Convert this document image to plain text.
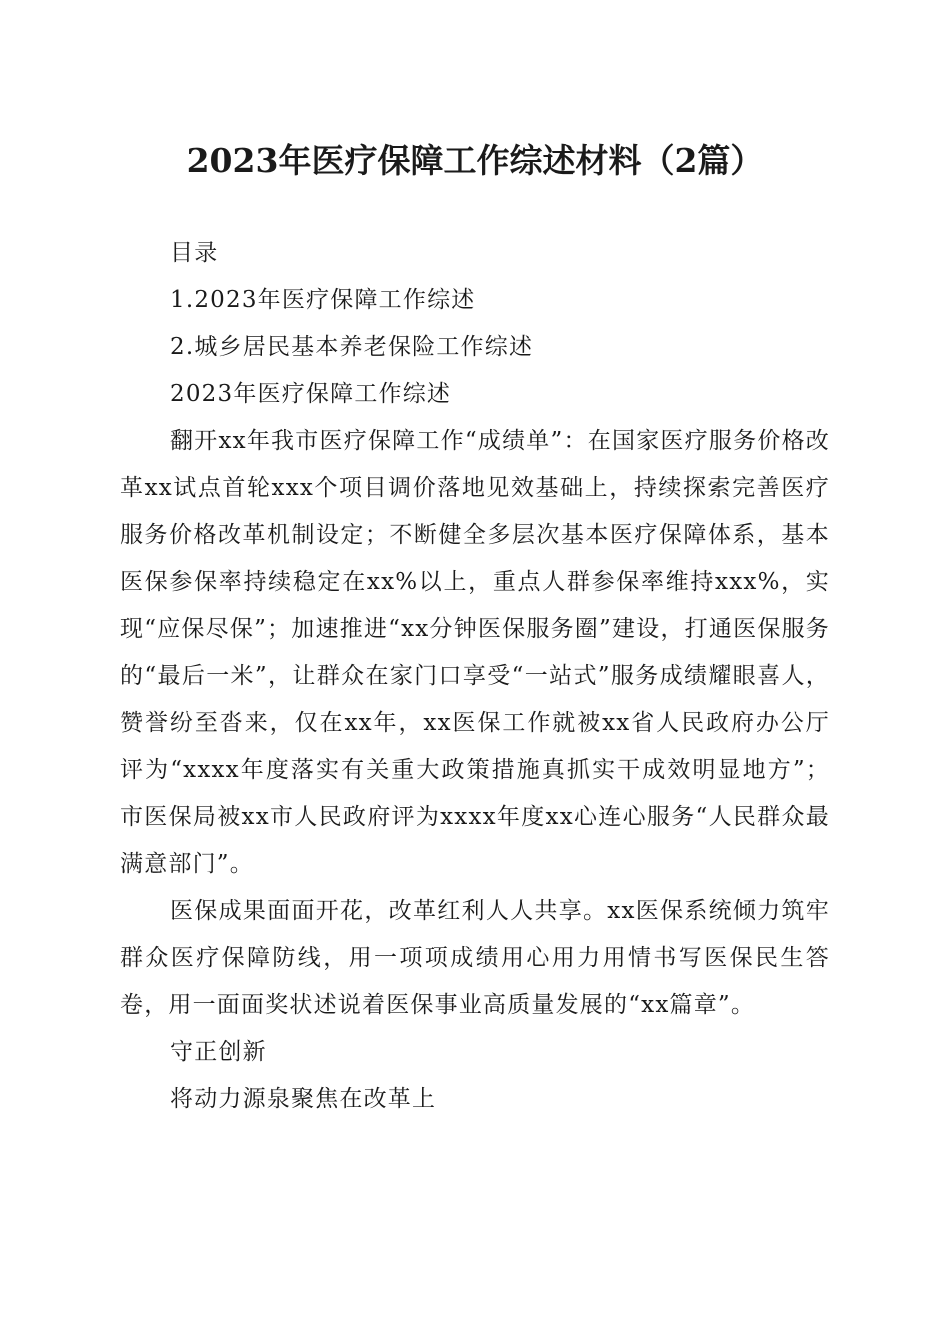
2023年医疗保障工作综述材料（2篇）

目录

1.2023年医疗保障工作综述

2.城乡居民基本养老保险工作综述

2023年医疗保障工作综述

翻开xx年我市医疗保障工作“成绩单”：在国家医疗服务价格改革xx试点首轮xxx个项目调价落地见效基础上，持续探索完善医疗服务价格改革机制设定；不断健全多层次基本医疗保障体系，基本医保参保率持续稳定在xx%以上，重点人群参保率维持xxx%，实现“应保尽保”；加速推进“xx分钟医保服务圈”建设，打通医保服务的“最后一米”，让群众在家门口享受“一站式”服务成绩耀眼喜人，赞誉纷至沓来，仅在xx年，xx医保工作就被xx省人民政府办公厅评为“xxxx年度落实有关重大政策措施真抓实干成效明显地方”；市医保局被xx市人民政府评为xxxx年度xx心连心服务“人民群众最满意部门”。

医保成果面面开花，改革红利人人共享。xx医保系统倾力筑牢群众医疗保障防线，用一项项成绩用心用力用情书写医保民生答卷，用一面面奖状述说着医保事业高质量发展的“xx篇章”。

守正创新

将动力源泉聚焦在改革上
